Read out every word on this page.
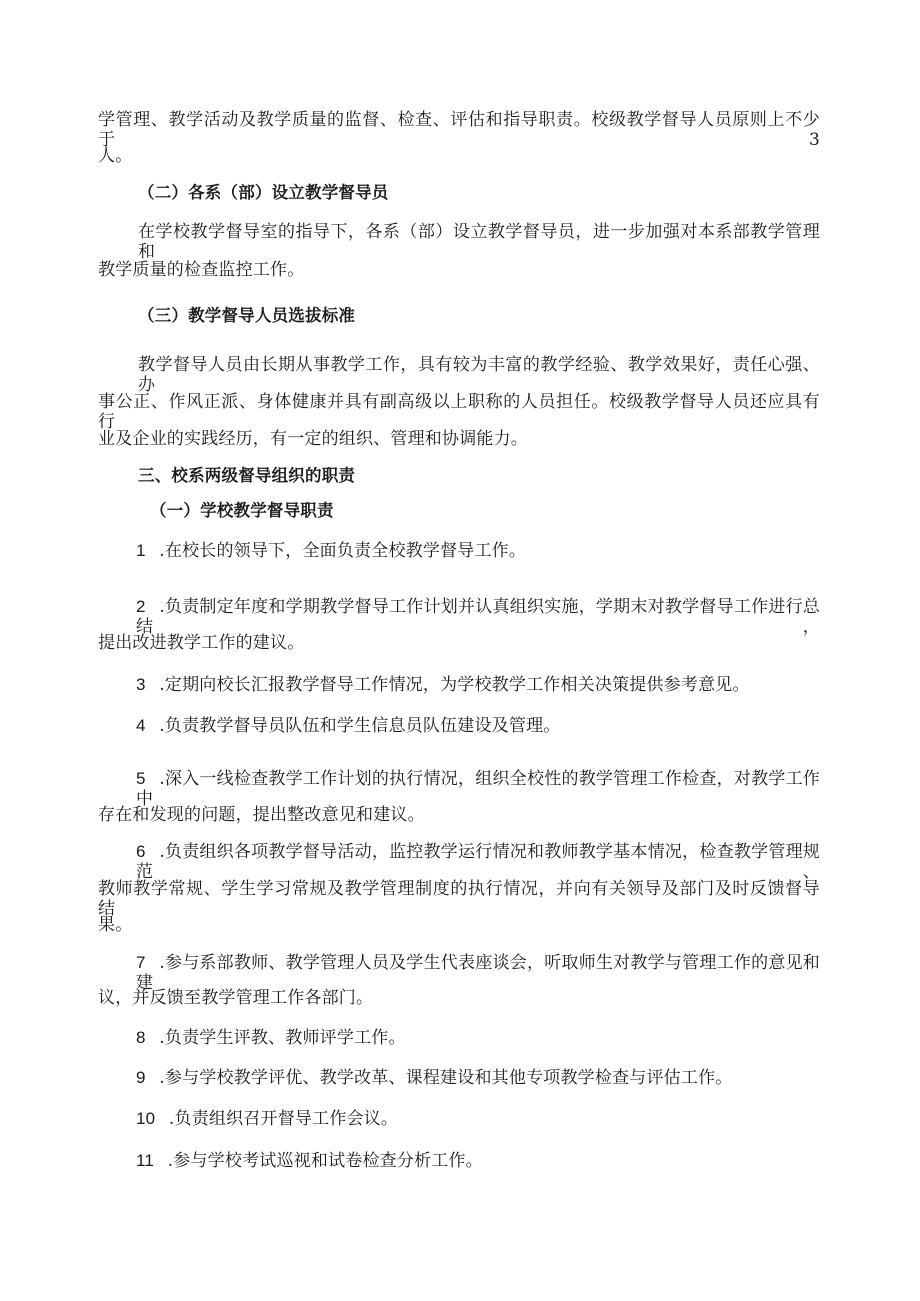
学管理、教学活动及教学质量的监督、检查、评估和指导职责。校级教学督导人员原则上不少于3
人。
（二）各系（部）设立教学督导员
在学校教学督导室的指导下，各系（部）设立教学督导员，进一步加强对本系部教学管理和
教学质量的检查监控工作。
（三）教学督导人员选拔标准
教学督导人员由长期从事教学工作，具有较为丰富的教学经验、教学效果好，责任心强、办
事公正、作风正派、身体健康并具有副高级以上职称的人员担任。校级教学督导人员还应具有行
业及企业的实践经历，有一定的组织、管理和协调能力。
三、校系两级督导组织的职责
（一）学校教学督导职责
1 .在校长的领导下，全面负责全校教学督导工作。
2 .负责制定年度和学期教学督导工作计划并认真组织实施，学期末对教学督导工作进行总结，
提出改进教学工作的建议。
3 .定期向校长汇报教学督导工作情况，为学校教学工作相关决策提供参考意见。
4 .负责教学督导员队伍和学生信息员队伍建设及管理。
5 .深入一线检查教学工作计划的执行情况，组织全校性的教学管理工作检查，对教学工作中
存在和发现的问题，提出整改意见和建议。
6 .负责组织各项教学督导活动，监控教学运行情况和教师教学基本情况，检查教学管理规范、
教师教学常规、学生学习常规及教学管理制度的执行情况，并向有关领导及部门及时反馈督导结
果。
7 .参与系部教师、教学管理人员及学生代表座谈会，听取师生对教学与管理工作的意见和建
议，并反馈至教学管理工作各部门。
8 .负责学生评教、教师评学工作。
9 .参与学校教学评优、教学改革、课程建设和其他专项教学检查与评估工作。
10 .负责组织召开督导工作会议。
11 .参与学校考试巡视和试卷检查分析工作。
